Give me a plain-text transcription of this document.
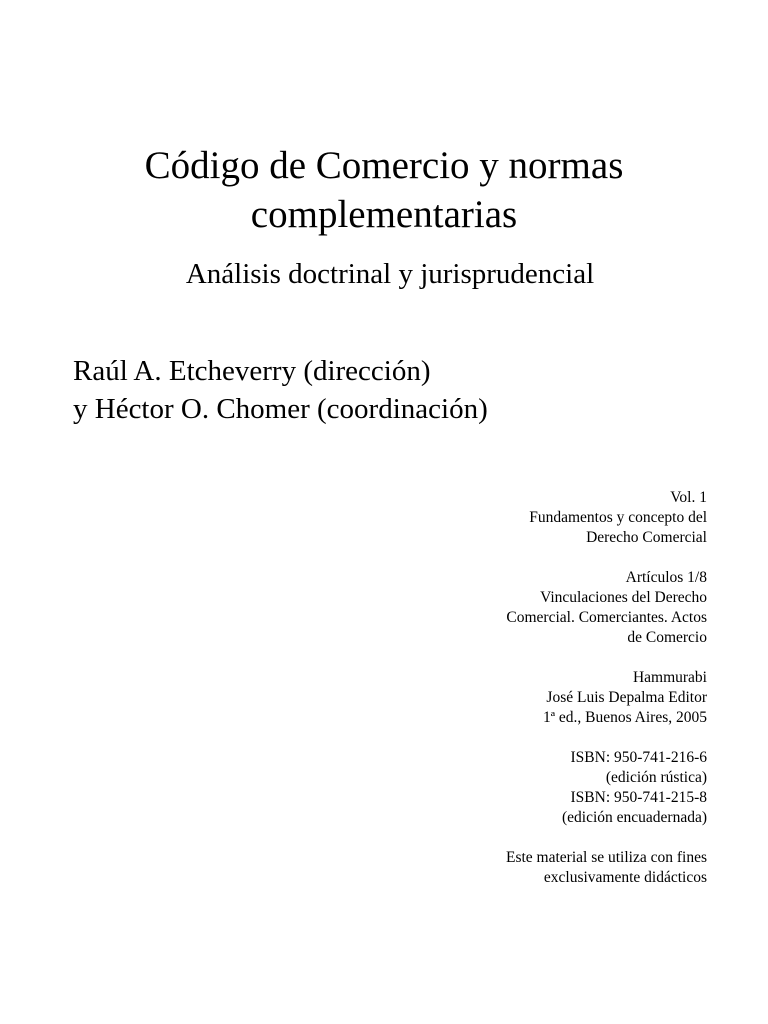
Código de Comercio y normas
complementarias
Análisis doctrinal y jurisprudencial
Raúl A. Etcheverry (dirección)
y Héctor O. Chomer (coordinación)
Vol. 1
Fundamentos y concepto del
Derecho Comercial
Artículos 1/8
Vinculaciones del Derecho
Comercial. Comerciantes. Actos
de Comercio
Hammurabi
José Luis Depalma Editor
1ª ed., Buenos Aires, 2005
ISBN: 950-741-216-6
(edición rústica)
ISBN: 950-741-215-8
(edición encuadernada)
Este material se utiliza con fines
exclusivamente didácticos
